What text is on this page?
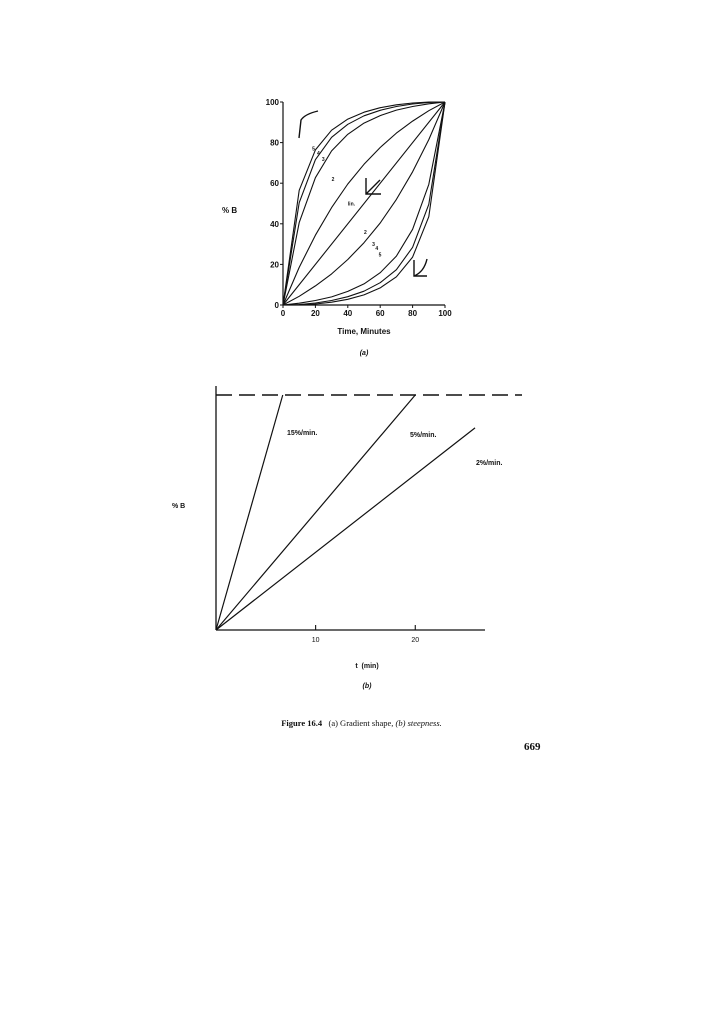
0	20	40	60	80	100
0
20
40
60
80
100
5
4
3
2
lin.
2
3
4
5
% B
Time, Minutes
(a)
15%/min.	5%/min.
2%/min.
10	20
% B
t  (min)
(b)
Figure 16.4 (a) Gradient shape, (b) steepness.
669
